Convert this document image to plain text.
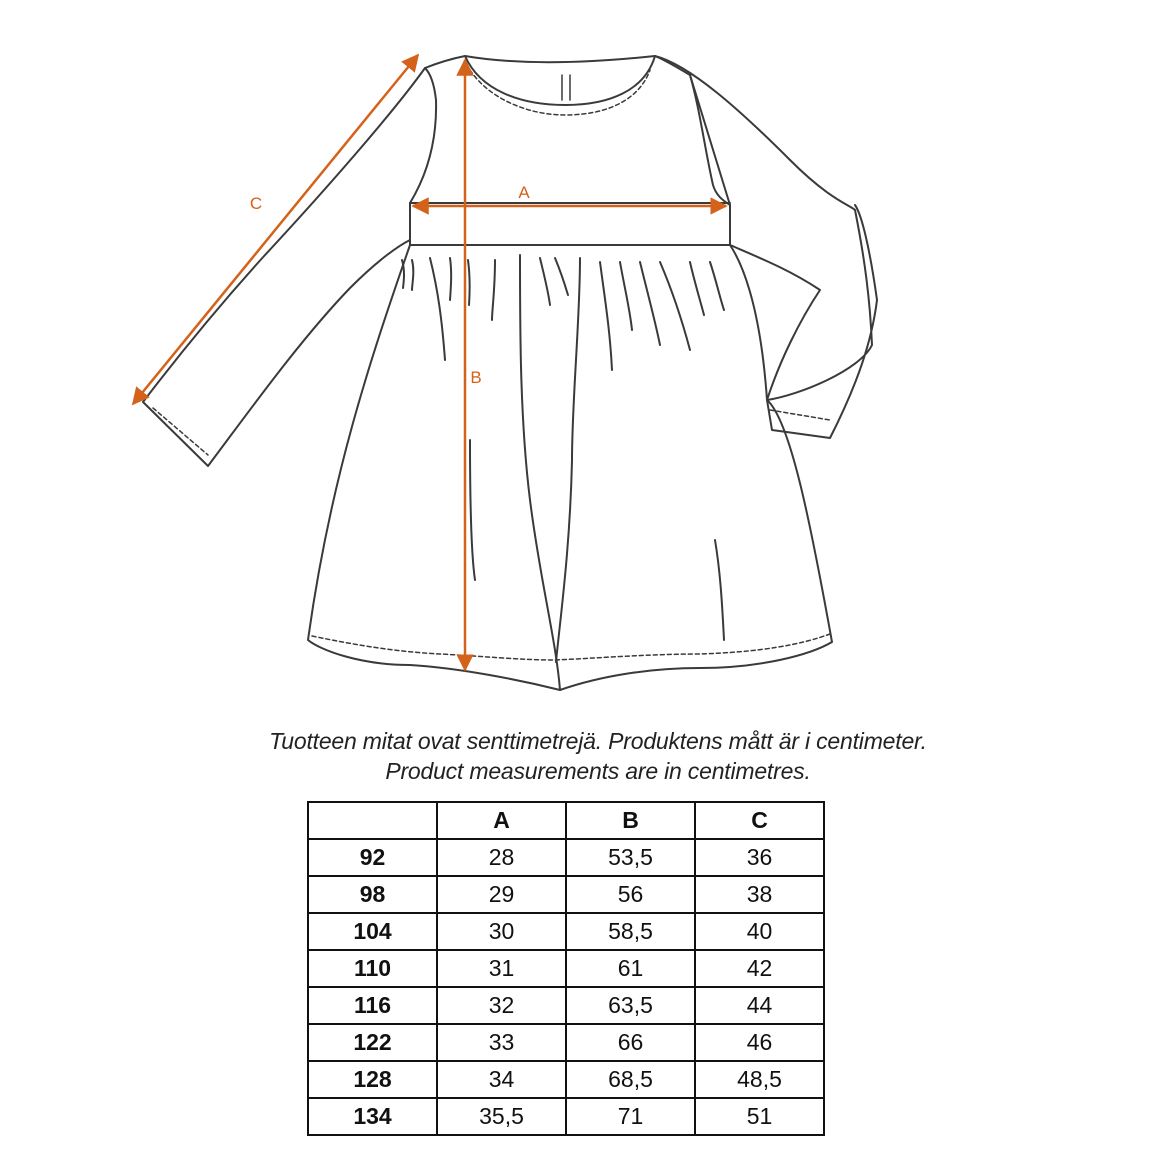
A
B
C
Tuotteen mitat ovat senttimetrejä. Produktens mått är i centimeter.
Product measurements are in centimetres.
	A	B	C
92	28	53,5	36
98	29	56	38
104	30	58,5	40
110	31	61	42
116	32	63,5	44
122	33	66	46
128	34	68,5	48,5
134	35,5	71	51
